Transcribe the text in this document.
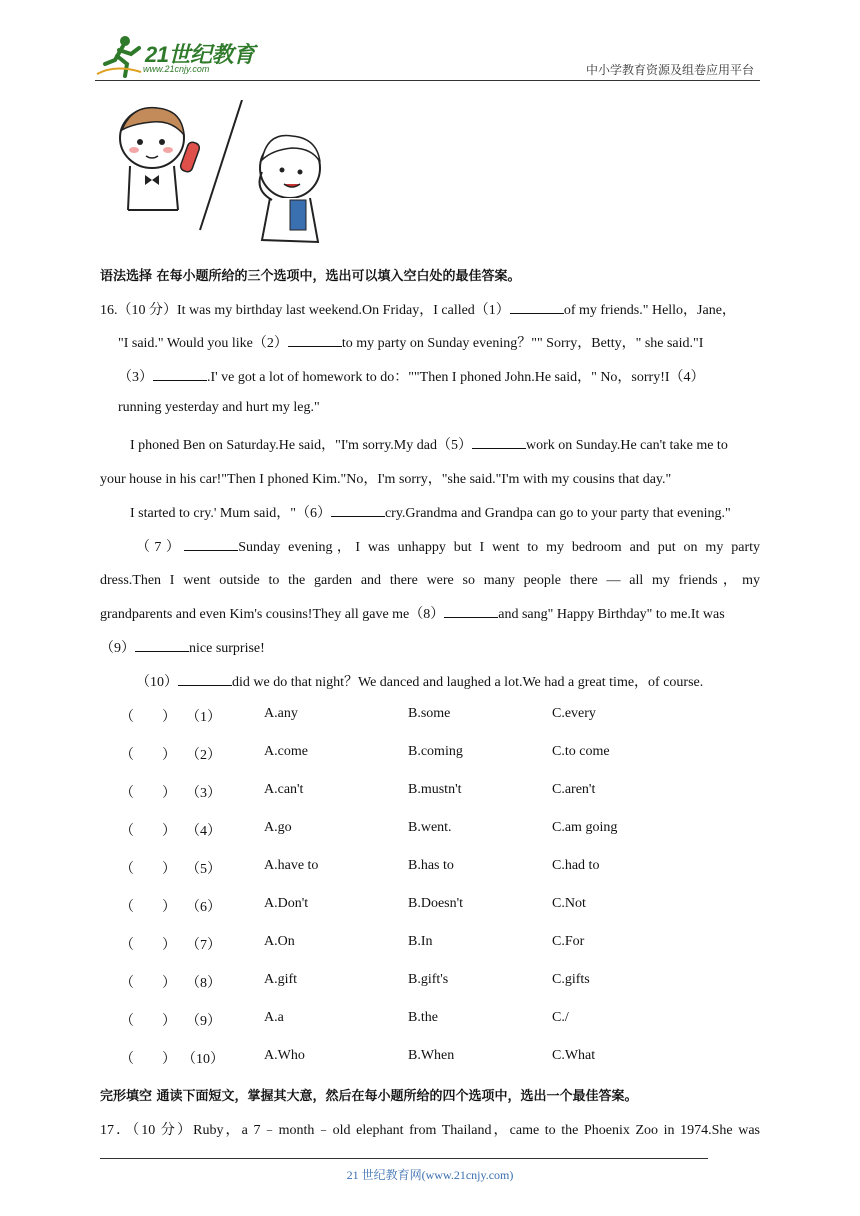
21世纪教育
www.21cnjy.com	中小学教育资源及组卷应用平台
语法选择 在每小题所给的三个选项中，选出可以填入空白处的最佳答案。
16.（10 分）It was my birthday last weekend.On Friday，I called（1）	of my friends." Hello，Jane，
"I said." Would you like（2）	to my party on Sunday evening？"" Sorry，Betty，" she said."I
（3）	.I' ve got a lot of homework to do：""Then I phoned John.He said，" No，sorry!I（4）
running yesterday and hurt my leg."
I phoned Ben on Saturday.He said，"I'm sorry.My dad（5）	work on Sunday.He can't take me to
your house in his car!"Then I phoned Kim."No，I'm sorry，"she said."I'm with my cousins that day."
I started to cry.' Mum said，"（6）	cry.Grandma and Grandpa can go to your party that evening."
（7）	Sunday evening，I was unhappy but I went to my bedroom and put on my party
dress.Then I went outside to the garden and there were so many people there — all my friends，my
grandparents and even Kim's cousins!They all gave me（8）	and sang" Happy Birthday" to me.It was
（9）	nice surprise!
（10）	did we do that night？We danced and laughed a lot.We had a great time，of course.
（　　） （1）	A.any	B.some	C.every
（　　） （2）	A.come	B.coming	C.to come
（　　） （3）	A.can't	B.mustn't	C.aren't
（　　） （4）	A.go	B.went.	C.am going
（　　） （5）	A.have to	B.has to	C.had to
（　　） （6）	A.Don't	B.Doesn't	C.Not
（　　） （7）	A.On	B.In	C.For
（　　） （8）	A.gift	B.gift's	C.gifts
（　　） （9）	A.a	B.the	C./
（　　） （10）	A.Who	B.When	C.What
完形填空 通读下面短文，掌握其大意，然后在每小题所给的四个选项中，选出一个最佳答案。
17．（10 分）Ruby，a 7﹣month﹣old elephant from Thailand，came to the Phoenix Zoo in 1974.She was
21 世纪教育网(www.21cnjy.com)
